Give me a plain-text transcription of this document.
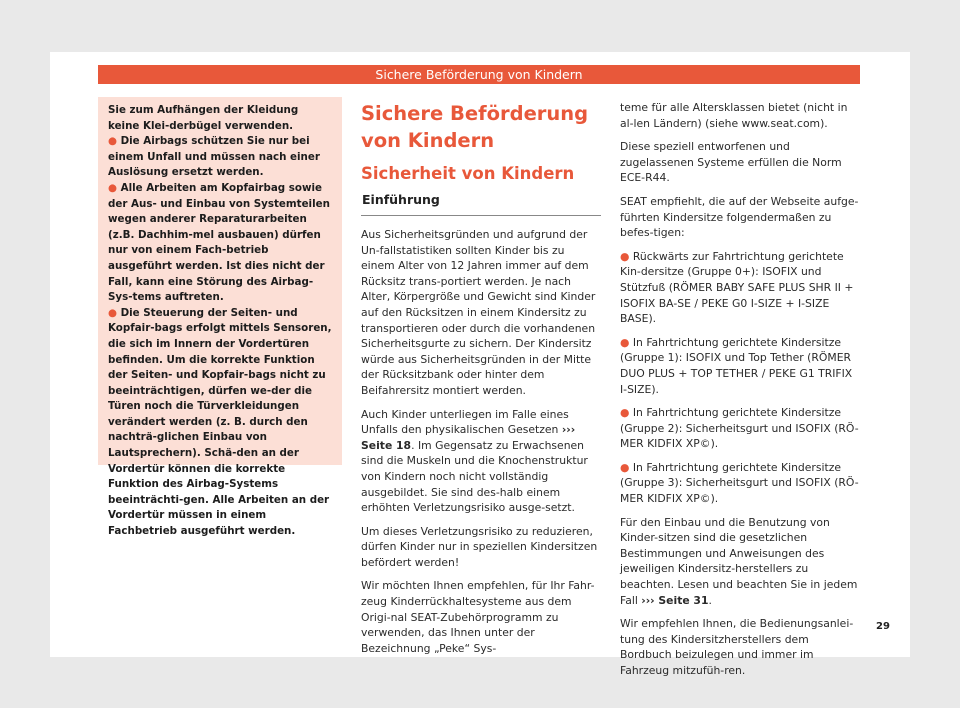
Sichere Beförderung von Kindern

Sie zum Aufhängen der Kleidung keine Klei-derbügel verwenden.

● Die Airbags schützen Sie nur bei einem Unfall und müssen nach einer Auslösung ersetzt werden.

● Alle Arbeiten am Kopfairbag sowie der Aus- und Einbau von Systemteilen wegen anderer Reparaturarbeiten (z.B. Dachhim-mel ausbauen) dürfen nur von einem Fach-betrieb ausgeführt werden. Ist dies nicht der Fall, kann eine Störung des Airbag-Sys-tems auftreten.

● Die Steuerung der Seiten- und Kopfair-bags erfolgt mittels Sensoren, die sich im Innern der Vordertüren befinden. Um die korrekte Funktion der Seiten- und Kopfair-bags nicht zu beeinträchtigen, dürfen we-der die Türen noch die Türverkleidungen verändert werden (z. B. durch den nachträ-glichen Einbau von Lautsprechern). Schä-den an der Vordertür können die korrekte Funktion des Airbag-Systems beeinträchti-gen. Alle Arbeiten an der Vordertür müssen in einem Fachbetrieb ausgeführt werden.

Sichere Beförderung von Kindern
Sicherheit von Kindern
Einführung

Aus Sicherheitsgründen und aufgrund der Un-fallstatistiken sollten Kinder bis zu einem Alter von 12 Jahren immer auf dem Rücksitz trans-portiert werden. Je nach Alter, Körpergröße und Gewicht sind Kinder auf den Rücksitzen in einem Kindersitz zu transportieren oder durch die vorhandenen Sicherheitsgurte zu sichern. Der Kindersitz würde aus Sicherheitsgründen in der Mitte der Rücksitzbank oder hinter dem Beifahrersitz montiert werden.

Auch Kinder unterliegen im Falle eines Unfalls den physikalischen Gesetzen ››› Seite 18. Im Gegensatz zu Erwachsenen sind die Muskeln und die Knochenstruktur von Kindern noch nicht vollständig ausgebildet. Sie sind des-halb einem erhöhten Verletzungsrisiko ausge-setzt.

Um dieses Verletzungsrisiko zu reduzieren, dürfen Kinder nur in speziellen Kindersitzen befördert werden!

Wir möchten Ihnen empfehlen, für Ihr Fahr-zeug Kinderrückhaltesysteme aus dem Origi-nal SEAT-Zubehörprogramm zu verwenden, das Ihnen unter der Bezeichnung „Peke“ Sys-

teme für alle Altersklassen bietet (nicht in al-len Ländern) (siehe www.seat.com).

Diese speziell entworfenen und zugelassenen Systeme erfüllen die Norm ECE-R44.

SEAT empfiehlt, die auf der Webseite aufge-führten Kindersitze folgendermaßen zu befes-tigen:

● Rückwärts zur Fahrtrichtung gerichtete Kin-dersitze (Gruppe 0+): ISOFIX und Stützfuß (RÖMER BABY SAFE PLUS SHR II + ISOFIX BA-SE / PEKE G0 I-SIZE + I-SIZE BASE).

● In Fahrtrichtung gerichtete Kindersitze (Gruppe 1): ISOFIX und Top Tether (RÖMER DUO PLUS + TOP TETHER / PEKE G1 TRIFIX I-SIZE).

● In Fahrtrichtung gerichtete Kindersitze (Gruppe 2): Sicherheitsgurt und ISOFIX (RÖ-MER KIDFIX XP©).

● In Fahrtrichtung gerichtete Kindersitze (Gruppe 3): Sicherheitsgurt und ISOFIX (RÖ-MER KIDFIX XP©).

Für den Einbau und die Benutzung von Kinder-sitzen sind die gesetzlichen Bestimmungen und Anweisungen des jeweiligen Kindersitz-herstellers zu beachten. Lesen und beachten Sie in jedem Fall ››› Seite 31.

Wir empfehlen Ihnen, die Bedienungsanlei-tung des Kindersitzherstellers dem Bordbuch beizulegen und immer im Fahrzeug mitzufüh-ren.

29
